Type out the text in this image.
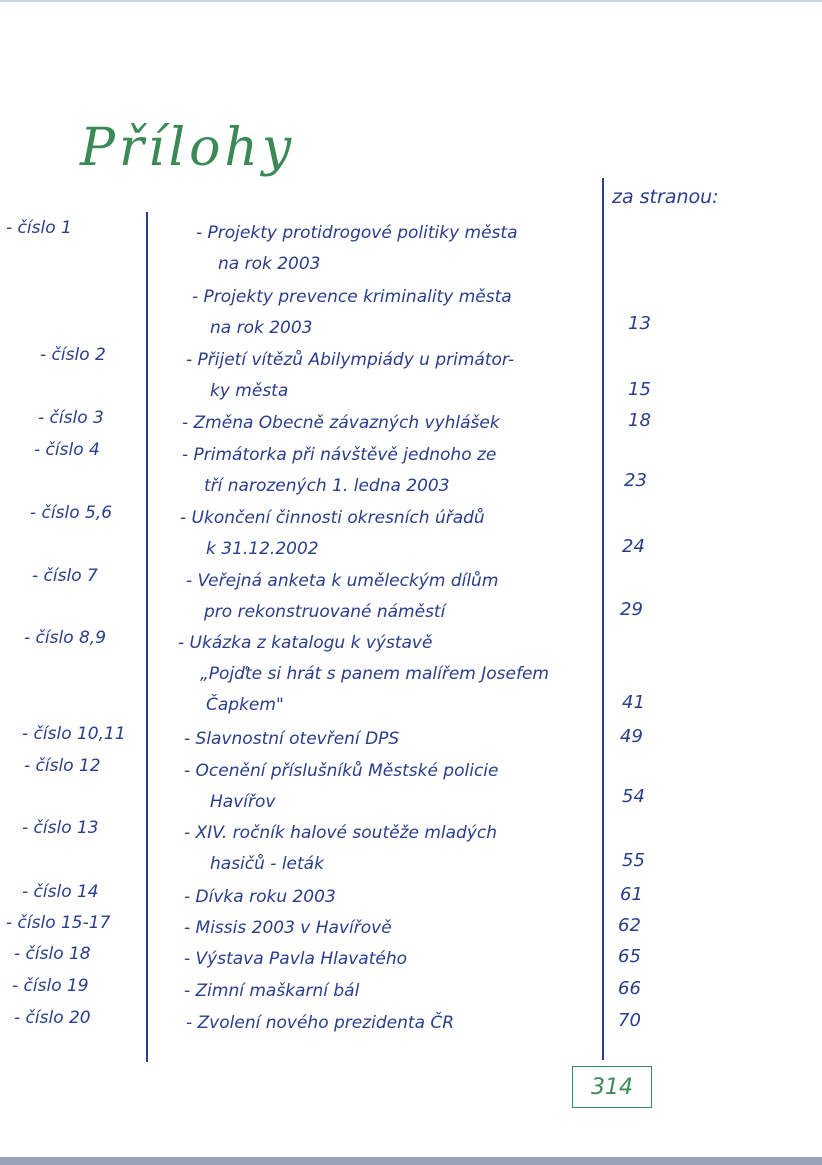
Přílohy
za stranou:
- číslo 1	- Projekty protidrogové politiky města
na rok 2003
- Projekty prevence kriminality města
na rok 2003	13
- číslo 2	- Přijetí vítězů Abilympiády u primátor-
ky města	15
- číslo 3	- Změna Obecně závazných vyhlášek	18
- číslo 4	- Primátorka při návštěvě jednoho ze
tří narozených 1. ledna 2003	23
- číslo 5,6	- Ukončení činnosti okresních úřadů
k 31.12.2002	24
- číslo 7	- Veřejná anketa k uměleckým dílům
pro rekonstruované náměstí	29
- číslo 8,9	- Ukázka z katalogu k výstavě
„Pojďte si hrát s panem malířem Josefem
Čapkem"	41
- číslo 10,11	- Slavnostní otevření DPS	49
- číslo 12	- Ocenění příslušníků Městské policie
Havířov	54
- číslo 13	- XIV. ročník halové soutěže mladých
hasičů - leták	55
- číslo 14	- Dívka roku 2003	61
- číslo 15-17	- Missis 2003 v Havířově	62
- číslo 18	- Výstava Pavla Hlavatého	65
- číslo 19	- Zimní maškarní bál	66
- číslo 20	- Zvolení nového prezidenta ČR	70
314
